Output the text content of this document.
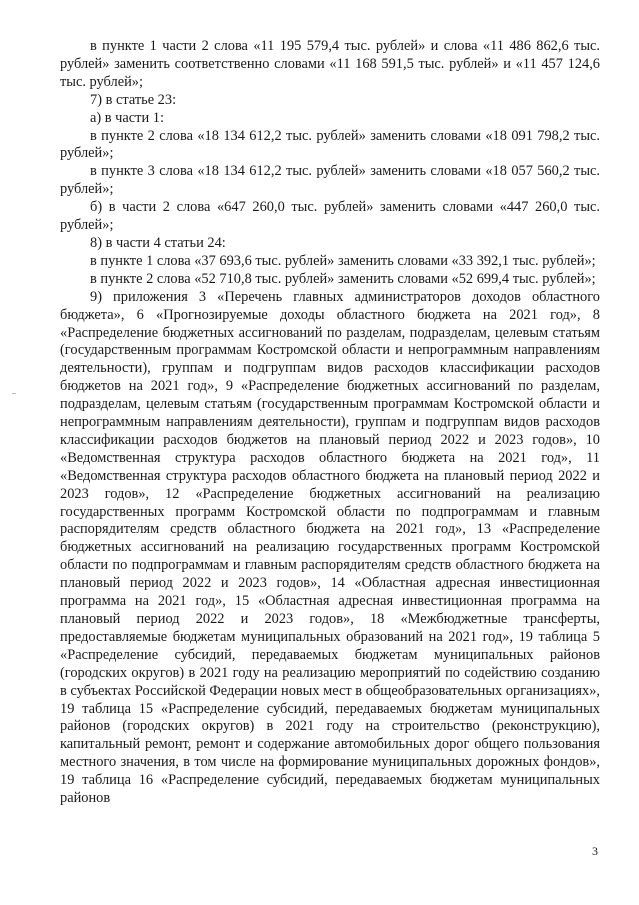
в пункте 1 части 2 слова «11 195 579,4 тыс. рублей» и слова «11 486 862,6 тыс. рублей» заменить соответственно словами «11 168 591,5 тыс. рублей» и «11 457 124,6 тыс. рублей»;

7) в статье 23:

а) в части 1:

в пункте 2 слова «18 134 612,2 тыс. рублей» заменить словами «18 091 798,2 тыс. рублей»;

в пункте 3 слова «18 134 612,2 тыс. рублей» заменить словами «18 057 560,2 тыс. рублей»;

б) в части 2 слова «647 260,0 тыс. рублей» заменить словами «447 260,0 тыс. рублей»;

8) в части 4 статьи 24:

в пункте 1 слова «37 693,6 тыс. рублей» заменить словами «33 392,1 тыс. рублей»;

в пункте 2 слова «52 710,8 тыс. рублей» заменить словами «52 699,4 тыс. рублей»;

9) приложения 3 «Перечень главных администраторов доходов областного бюджета», 6 «Прогнозируемые доходы областного бюджета на 2021 год», 8 «Распределение бюджетных ассигнований по разделам, подразделам, целевым статьям (государственным программам Костромской области и непрограммным направлениям деятельности), группам и подгруппам видов расходов классификации расходов бюджетов на 2021 год», 9 «Распределение бюджетных ассигнований по разделам, подразделам, целевым статьям (государственным программам Костромской области и непрограммным направлениям деятельности), группам и подгруппам видов расходов классификации расходов бюджетов на плановый период 2022 и 2023 годов», 10 «Ведомственная структура расходов областного бюджета на 2021 год», 11 «Ведомственная структура расходов областного бюджета на плановый период 2022 и 2023 годов», 12 «Распределение бюджетных ассигнований на реализацию государственных программ Костромской области по подпрограммам и главным распорядителям средств областного бюджета на 2021 год», 13 «Распределение бюджетных ассигнований на реализацию государственных программ Костромской области по подпрограммам и главным распорядителям средств областного бюджета на плановый период 2022 и 2023 годов», 14 «Областная адресная инвестиционная программа на 2021 год», 15 «Областная адресная инвестиционная программа на плановый период 2022 и 2023 годов», 18 «Межбюджетные трансферты, предоставляемые бюджетам муниципальных образований на 2021 год», 19 таблица 5 «Распределение субсидий, передаваемых бюджетам муниципальных районов (городских округов) в 2021 году на реализацию мероприятий по содействию созданию в субъектах Российской Федерации новых мест в общеобразовательных организациях», 19 таблица 15 «Распределение субсидий, передаваемых бюджетам муниципальных районов (городских округов) в 2021 году на строительство (реконструкцию), капитальный ремонт, ремонт и содержание автомобильных дорог общего пользования местного значения, в том числе на формирование муниципальных дорожных фондов», 19 таблица 16 «Распределение субсидий, передаваемых бюджетам муниципальных районов

3
